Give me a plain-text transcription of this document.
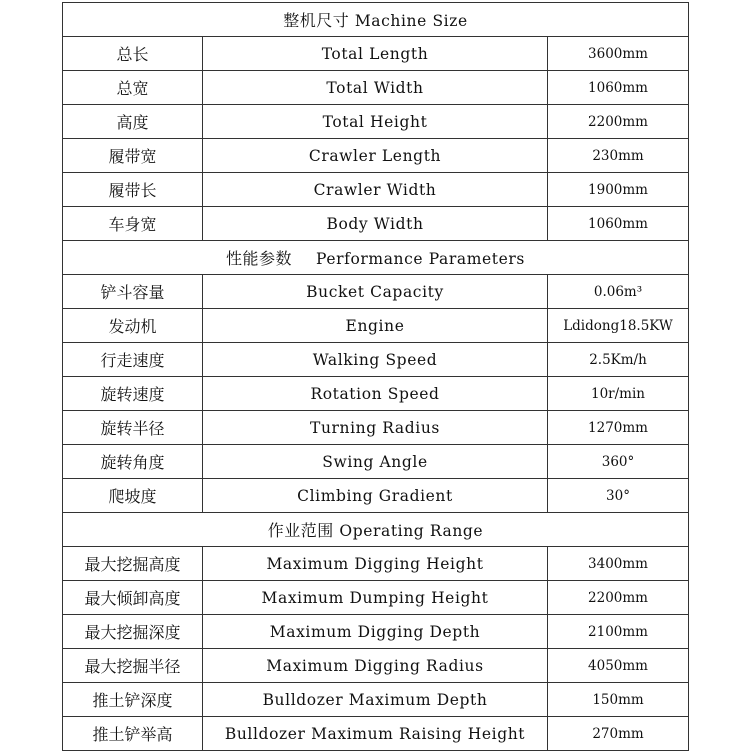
整机尺寸 Machine Size		
总长	Total Length	3600mm
总宽	Total Width	1060mm
高度	Total Height	2200mm
履带宽	Crawler Length	230mm
履带长	Crawler Width	1900mm
车身宽	Body Width	1060mm
性能参数 Performance Parameters		
铲斗容量	Bucket Capacity	0.06m³
发动机	Engine	Ldidong18.5KW
行走速度	Walking Speed	2.5Km/h
旋转速度	Rotation Speed	10r/min
旋转半径	Turning Radius	1270mm
旋转角度	Swing Angle	360°
爬坡度	Climbing Gradient	30°
作业范围 Operating Range		
最大挖掘高度	Maximum Digging Height	3400mm
最大倾卸高度	Maximum Dumping Height	2200mm
最大挖掘深度	Maximum Digging Depth	2100mm
最大挖掘半径	Maximum Digging Radius	4050mm
推土铲深度	Bulldozer Maximum Depth	150mm
推土铲举高	Bulldozer Maximum Raising Height	270mm
